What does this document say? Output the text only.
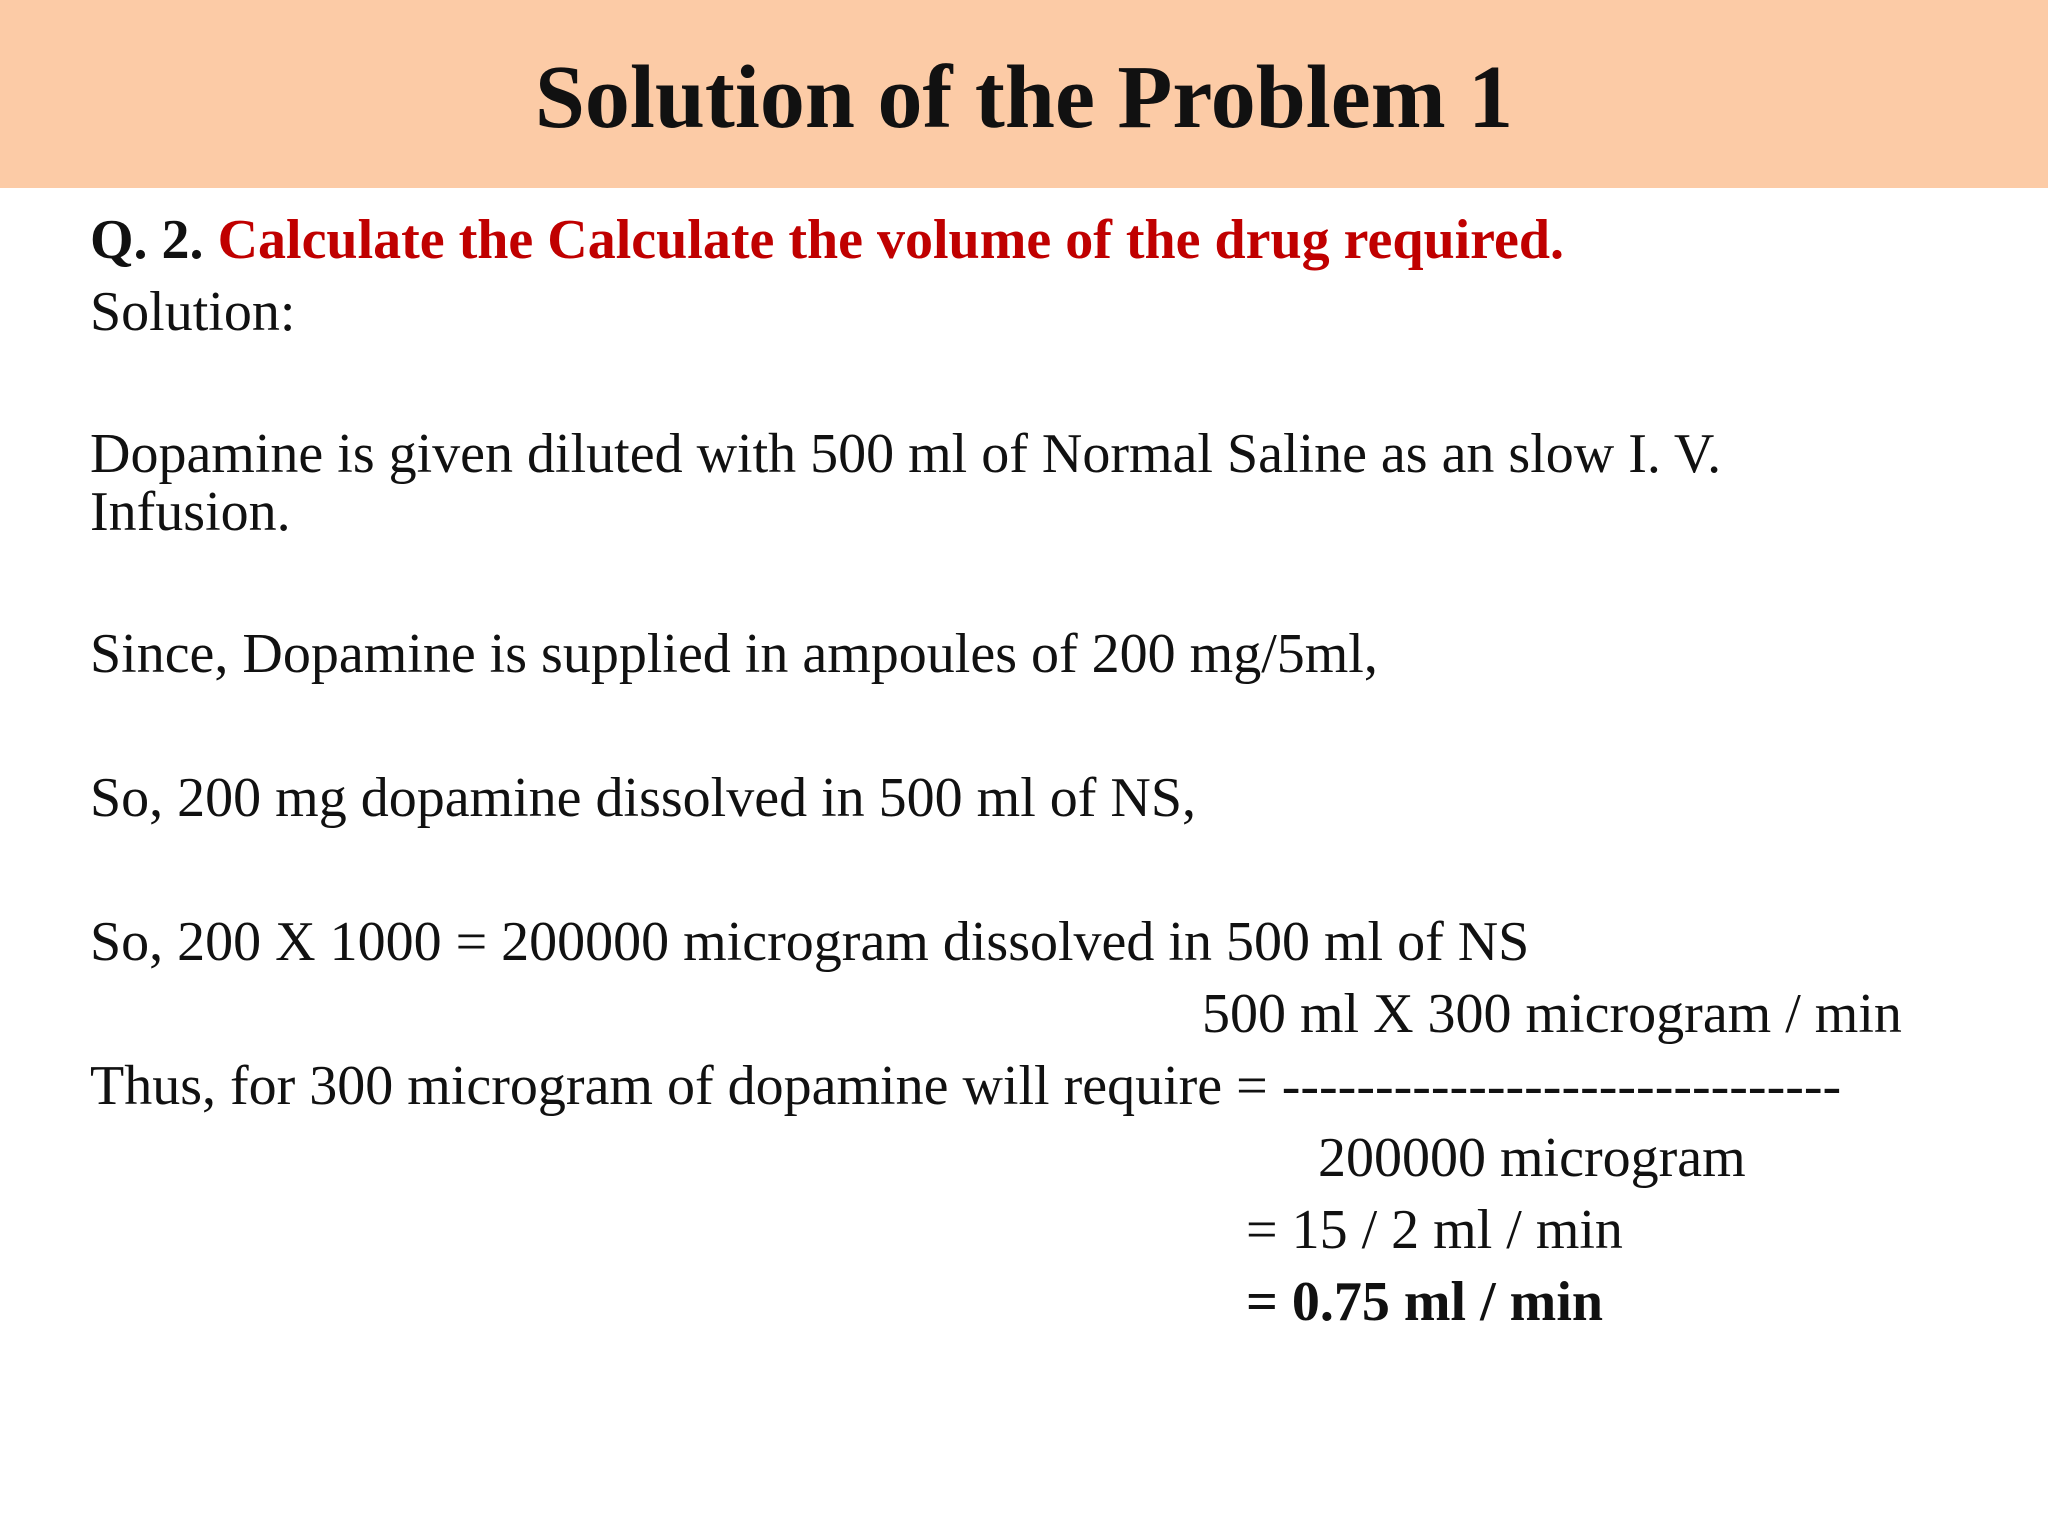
Solution of the Problem 1
Q. 2. Calculate the Calculate the volume of the drug required.
Solution:
Dopamine is given diluted with 500 ml of Normal Saline as an slow I. V.
Infusion.
Since, Dopamine is supplied in ampoules of 200 mg/5ml,
So, 200 mg dopamine dissolved in 500 ml of NS,
So, 200 X 1000 = 200000 microgram dissolved in 500 ml of NS
500 ml X 300 microgram / min
Thus, for 300 microgram of dopamine will require = ------------------------------
200000 microgram
= 15 / 2 ml / min
= 0.75 ml / min
